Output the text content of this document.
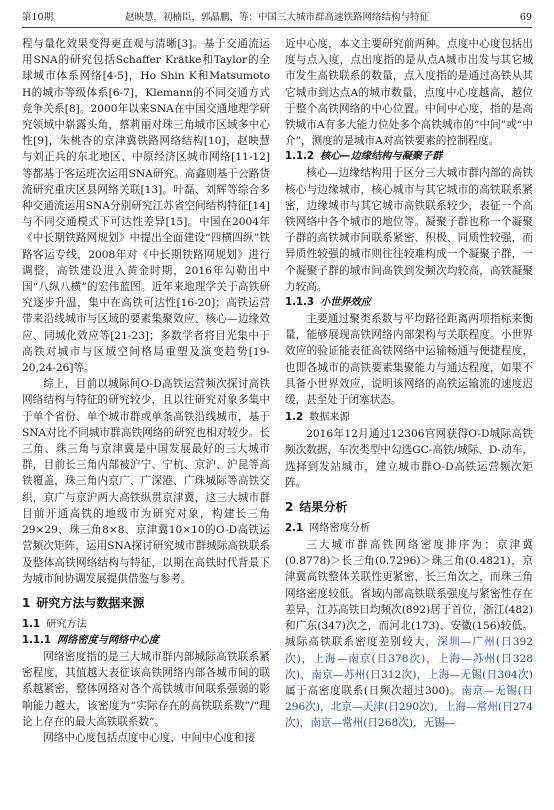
第10期	赵映慧，初楠臣，郭晶鹏，等：中国三大城市群高速铁路网络结构与特征	69

程与量化效果变得更直观与清晰[3]。基于交通流运用SNA的研究包括Schaffer Krätke和Taylor的全球城市体系网络[4-5]，Ho Shin K和Matsumoto H的城市等级体系[6-7]，Klemann的不同交通方式竞争关系[8]。2000年以来SNA在中国交通地理学研究领域中崭露头角，蔡莉丽对珠三角城市区域多中心性[9]，朱桃杏的京津冀铁路网络结构[10]，赵映慧与刘正兵的东北地区、中原经济区城市网络[11-12]等都基于客运班次运用SNA研究。高鑫则基于公路货流研究重庆区县网络关联[13]。叶磊、刘辉等综合多种交通流运用SNA分别研究江苏省空间结构特征[14]与不同交通模式下可达性差异[15]。中国在2004年《中长期铁路网规划》中提出全面建设“四横四纵”铁路客运专线，2008年对《中长期铁路网规划》进行调整，高铁建设进入黄金时期，2016年勾勒出中国“八纵八横”的宏伟蓝图。近年来地理学关于高铁研究逐步升温，集中在高铁可达性[16-20]；高铁运营带来沿线城市与区域的要素集聚效应、核心—边缘效应、同城化效应等[21-23]；多数学者将目光集中于高铁对城市与区域空间格局重塑及演变趋势[19-20,24-26]等。

综上，目前以城际间O-D高铁运营频次探讨高铁网络结构与特征的研究较少，且以往研究对象多集中于单个省份、单个城市群或单条高铁沿线城市，基于SNA对比不同城市群高铁网络的研究也相对较少。长三角、珠三角与京津冀是中国发展最好的三大城市群，目前长三角内部被沪宁、宁杭、京沪、沪昆等高铁覆盖，珠三角内京广、广深港、广珠城际等高铁交织，京广与京沪两大高铁纵贯京津冀，这三大城市群目前开通高铁的地级市为研究对象，构建长三角29×29、珠三角8×8、京津冀10×10的O-D高铁运营频次矩阵，运用SNA探讨研究城市群城际高铁联系及整体高铁网络结构与特征，以期在高铁时代背景下为城市间协调发展提供借鉴与参考。

1 研究方法与数据来源
1.1 研究方法
1.1.1 网络密度与网络中心度

网络密度指的是三大城市群内部城际高铁联系紧密程度，其值越大表征该高铁网络内部各城市间的联系越紧密，整体网络对各个高铁城市间联系强弱的影响能力越大，该密度为“实际存在的高铁联系数”/“理论上存在的最大高铁联系数”。

网络中心度包括点度中心度、中间中心度和接

近中心度，本文主要研究前两种。点度中心度包括出度与点入度，点出度指的是从点A城市出发与其它城市发生高铁联系的数量，点入度指的是通过高铁从其它城市到达点A的城市数量，点度中心度越高，越位于整个高铁网络的中心位置。中间中心度，指的是高铁城市A有多大能力位处多个高铁城市的“中间”或“中介”，测度的是城市A对高铁要素的控制程度。

1.1.2 核心—边缘结构与凝聚子群

核心—边缘结构用于区分三大城市群内部的高铁核心与边缘城市，核心城市与其它城市的高铁联系紧密，边缘城市与其它城市高铁联系较少，表征一个高铁网络中各个城市的地位等。凝聚子群也称一个凝聚子群的高铁城市间联系紧密、积极、同质性较强，而异质性较强的城市则往往较难构成一个凝聚子群，一个凝聚子群的城市间高铁到发频次均较高，高铁凝聚力较高。

1.1.3 小世界效应

主要通过聚类系数与平均路径距离两项指标来衡量，能够展现高铁网络内部架构与关联程度。小世界效应的验证能表征高铁网络中运输畅通与便捷程度，也即各城市的高铁要素集聚能力与通达程度，如果不具备小世界效应，说明该网络的高铁运输流的速度迟缓，甚至处于闭塞状态。

1.2 数据来源

2016年12月通过12306官网获得O-D城际高铁频次数据，车次类型中勾选GC-高铁/城际、D-动车，选择到发站城市，建立城市群O-D高铁运营频次矩阵。

2 结果分析
2.1 网络密度分析

三大城市群高铁网络密度排序为：京津冀(0.8778)＞长三角(0.7296)＞珠三角(0.4821)，京津冀高铁整体关联性更紧密，长三角次之，而珠三角网络密度较低。省域内部高铁联系强度与紧密性存在差异，江苏高铁日均频次(892)居于首位，浙江(482)和广东(347)次之，而河北(173)、安徽(156)较低。城际高铁联系密度差别较大，深圳—广州(日392次)，上海—南京(日378次)，上海—苏州(日328次)，南京—苏州(日312次)，上海—无锡(日304次)属于高密度联系(日频次超过300)。南京—无锡(日296次)，北京—天津(日290次)，上海—常州(日274次)，南京—常州(日268次)，无锡—
